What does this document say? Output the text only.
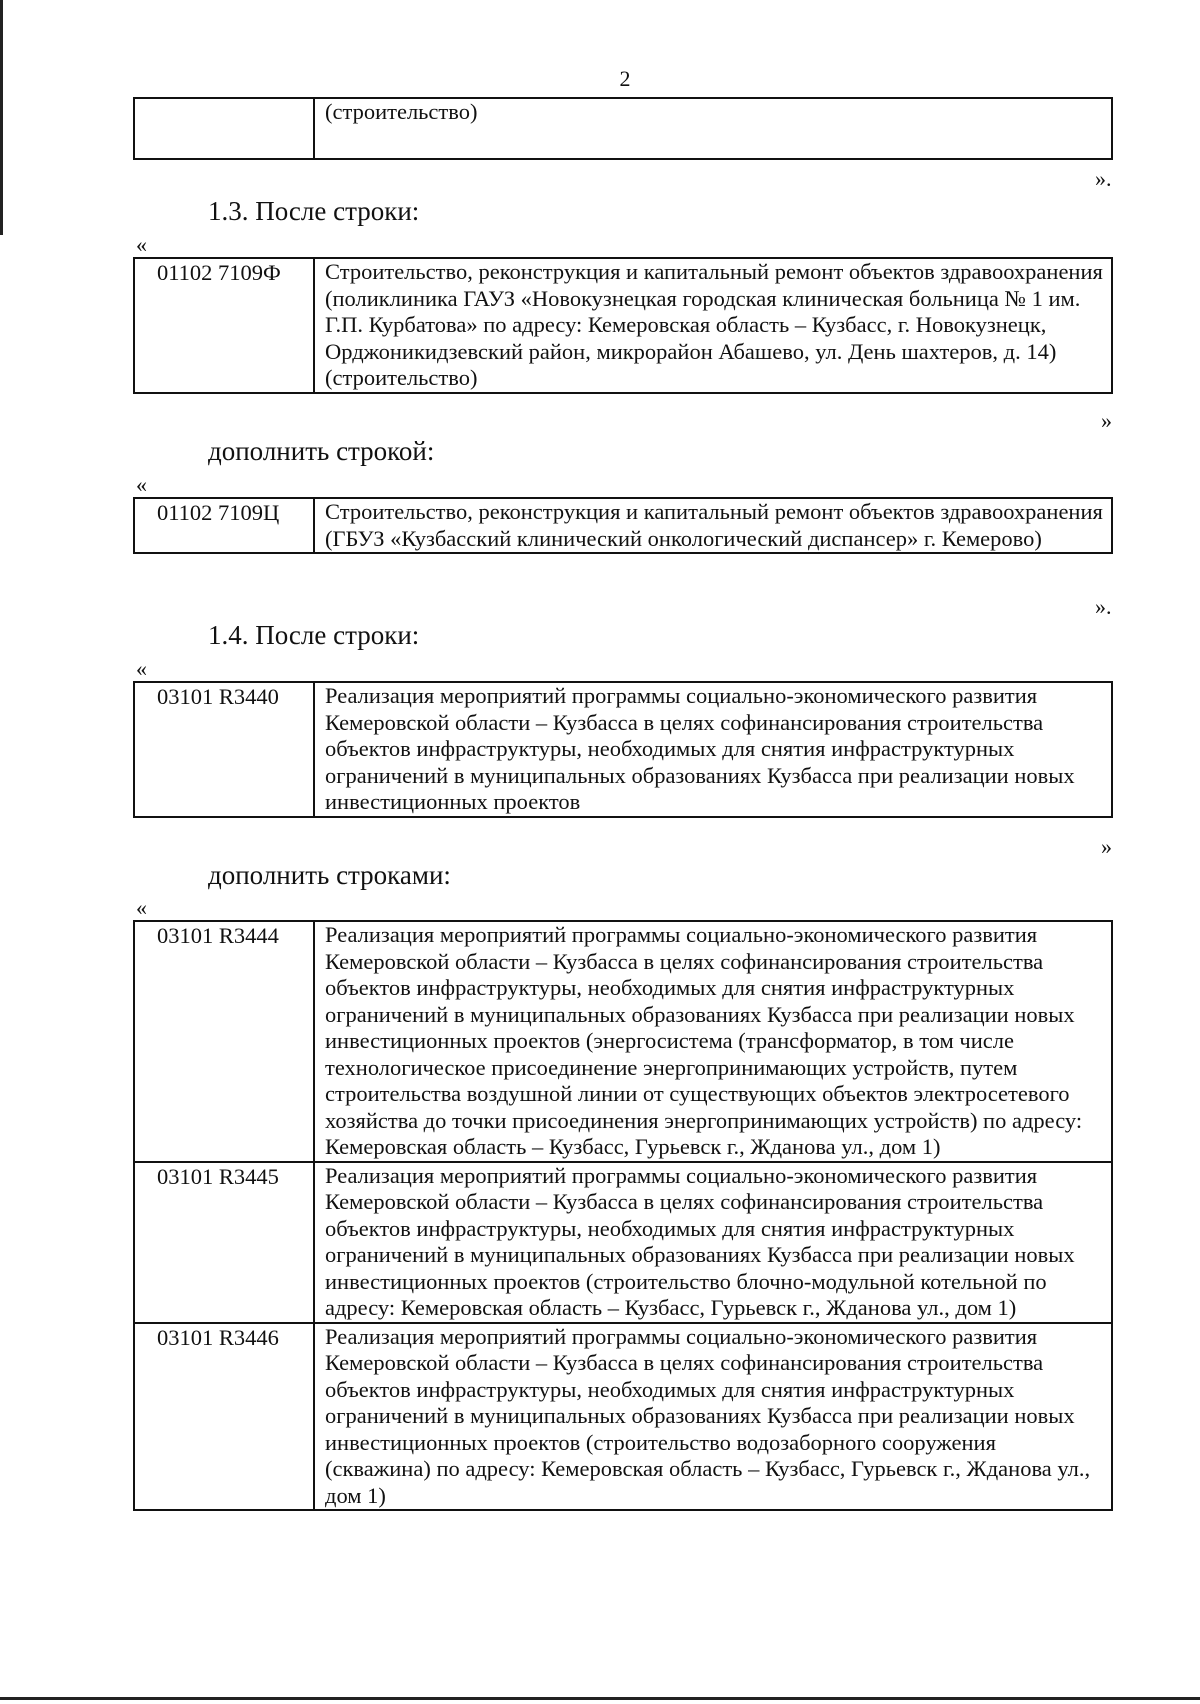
2
	(строительство)
».
1.3. После строки:
«
01102 7109Ф	Строительство, реконструкция и капитальный ремонт объектов здравоохранения (поликлиника ГАУЗ «Новокузнецкая городская клиническая больница № 1 им. Г.П. Курбатова» по адресу: Кемеровская область – Кузбасс, г. Новокузнецк, Орджоникидзевский район, микрорайон Абашево, ул. День шахтеров, д. 14) (строительство)
»
дополнить строкой:
«
01102 7109Ц	Строительство, реконструкция и капитальный ремонт объектов здравоохранения (ГБУЗ «Кузбасский клинический онкологический диспансер» г. Кемерово)
».
1.4. После строки:
«
03101 R3440	Реализация мероприятий программы социально-экономического развития Кемеровской области – Кузбасса в целях софинансирования строительства объектов инфраструктуры, необходимых для снятия инфраструктурных ограничений в муниципальных образованиях Кузбасса при реализации новых инвестиционных проектов
»
дополнить строками:
«
03101 R3444	Реализация мероприятий программы социально-экономического развития Кемеровской области – Кузбасса в целях софинансирования строительства объектов инфраструктуры, необходимых для снятия инфраструктурных ограничений в муниципальных образованиях Кузбасса при реализации новых инвестиционных проектов (энергосистема (трансформатор, в том числе технологическое присоединение энергопринимающих устройств, путем строительства воздушной линии от существующих объектов электросетевого хозяйства до точки присоединения энергопринимающих устройств) по адресу: Кемеровская область – Кузбасс, Гурьевск г., Жданова ул., дом 1)
03101 R3445	Реализация мероприятий программы социально-экономического развития Кемеровской области – Кузбасса в целях софинансирования строительства объектов инфраструктуры, необходимых для снятия инфраструктурных ограничений в муниципальных образованиях Кузбасса при реализации новых инвестиционных проектов (строительство блочно-модульной котельной по адресу: Кемеровская область – Кузбасс, Гурьевск г., Жданова ул., дом 1)
03101 R3446	Реализация мероприятий программы социально-экономического развития Кемеровской области – Кузбасса в целях софинансирования строительства объектов инфраструктуры, необходимых для снятия инфраструктурных ограничений в муниципальных образованиях Кузбасса при реализации новых инвестиционных проектов (строительство водозаборного сооружения (скважина) по адресу: Кемеровская область – Кузбасс, Гурьевск г., Жданова ул., дом 1)
